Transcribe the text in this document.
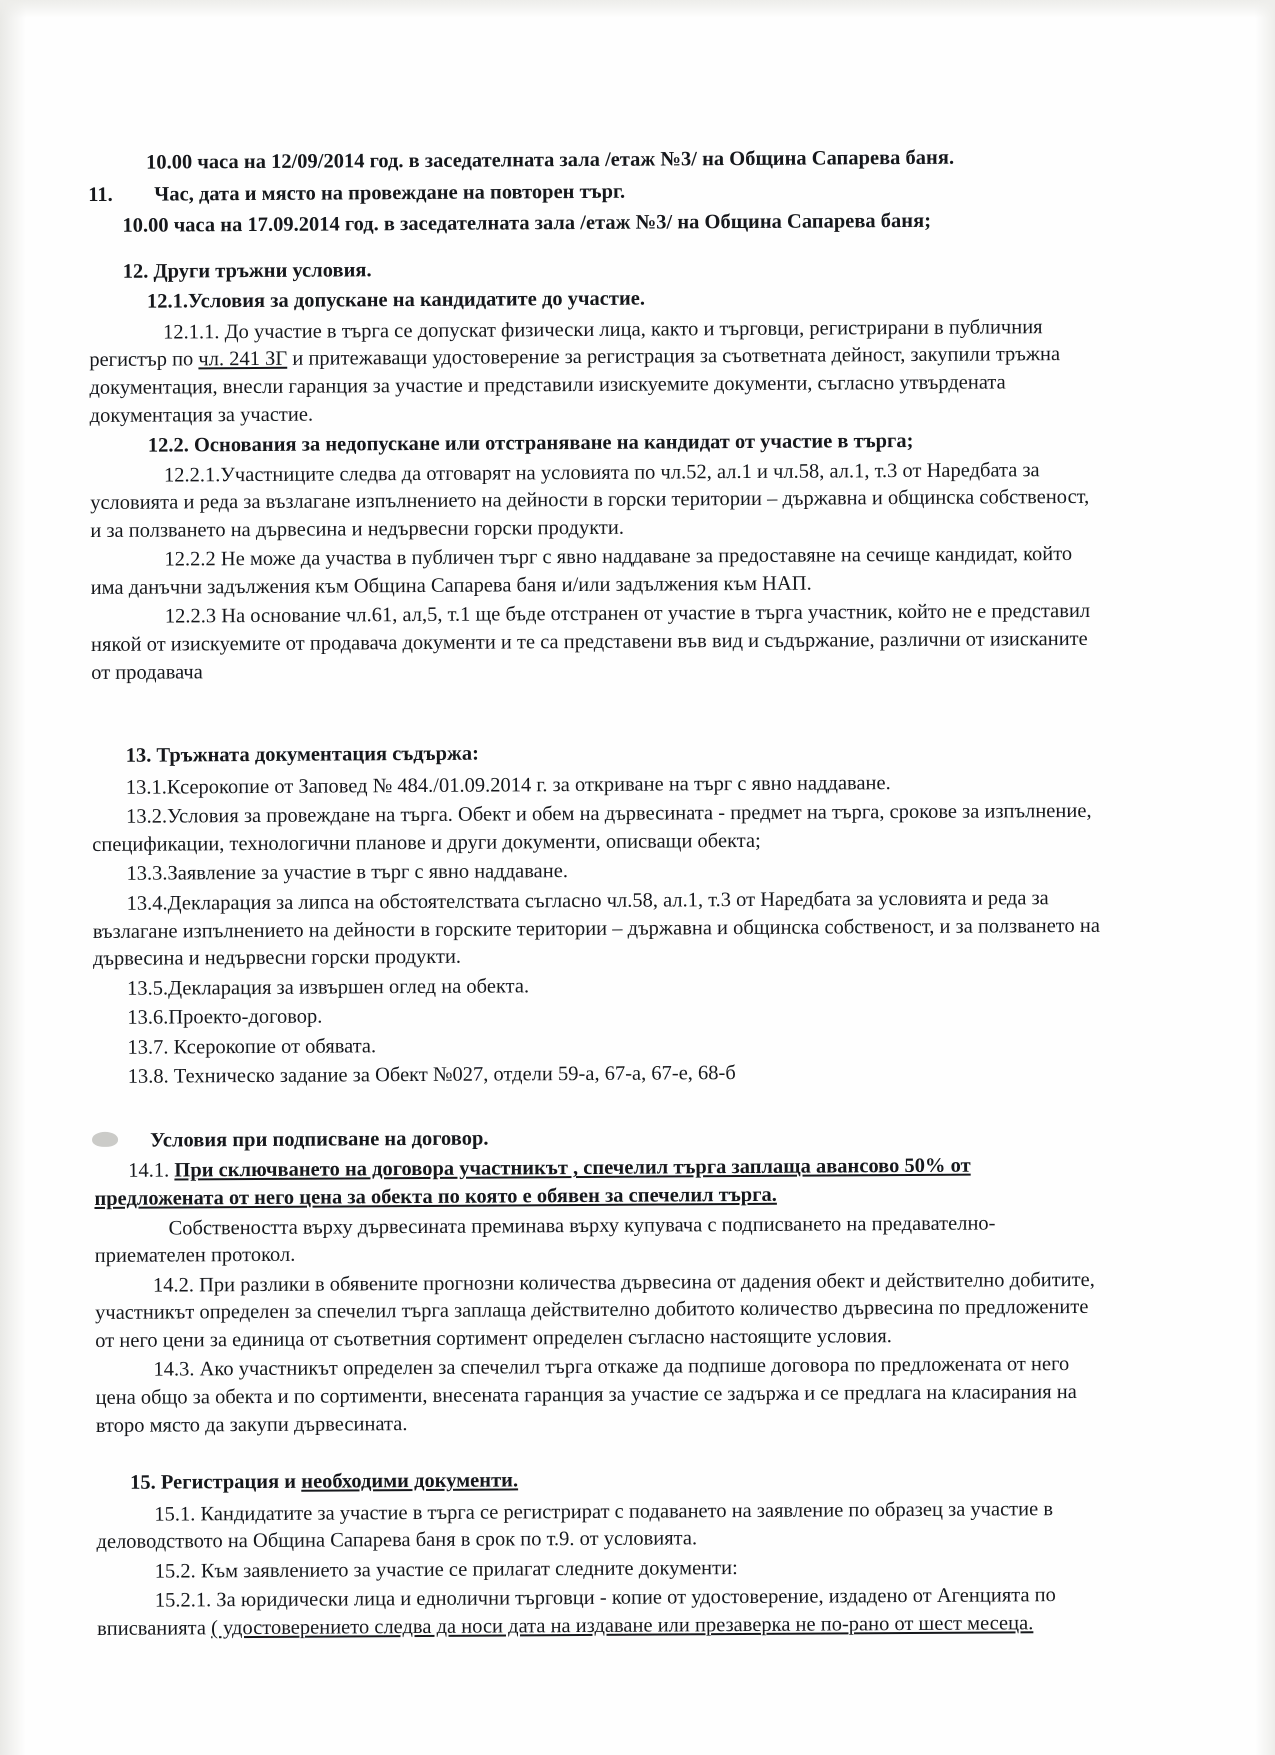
10.00 часа на 12/09/2014 год. в заседателната зала /етаж №3/ на Община Сапарева баня.

11. Час, дата и място на провеждане на повторен търг.

10.00 часа на 17.09.2014 год. в заседателната зала /етаж №3/ на Община Сапарева баня;

12. Други тръжни условия.

12.1.Условия за допускане на кандидатите до участие.

12.1.1. До участие в търга се допускат физически лица, както и търговци, регистрирани в публичния регистър по чл. 241 ЗГ и притежаващи удостоверение за регистрация за съответната дейност, закупили тръжна документация, внесли гаранция за участие и представили изискуемите документи, съгласно утвърдената документация за участие.

12.2. Основания за недопускане или отстраняване на кандидат от участие в търга;

12.2.1.Участниците следва да отговарят на условията по чл.52, ал.1 и чл.58, ал.1, т.3 от Наредбата за условията и реда за възлагане изпълнението на дейности в горски територии – държавна и общинска собственост, и за ползването на дървесина и недървесни горски продукти.

12.2.2 Не може да участва в публичен търг с явно наддаване за предоставяне на сечище кандидат, който има данъчни задължения към Община Сапарева баня и/или задължения към НАП.

12.2.3 На основание чл.61, ал,5, т.1 ще бъде отстранен от участие в търга участник, който не е представил някой от изискуемите от продавача документи и те са представени във вид и съдържание, различни от изисканите от продавача

13. Тръжната документация съдържа:

13.1.Ксерокопие от Заповед № 484./01.09.2014 г. за откриване на търг с явно наддаване.

13.2.Условия за провеждане на търга. Обект и обем на дървесината - предмет на търга, срокове за изпълнение, спецификации, технологични планове и други документи, описващи обекта;

13.3.Заявление за участие в търг с явно наддаване.

13.4.Декларация за липса на обстоятелствата съгласно чл.58, ал.1, т.3 от Наредбата за условията и реда за възлагане изпълнението на дейности в горските територии – държавна и общинска собственост, и за ползването на дървесина и недървесни горски продукти.

13.5.Декларация за извършен оглед на обекта.

13.6.Проекто-договор.

13.7. Ксерокопие от обявата.

13.8. Техническо задание за Обект №027, отдели 59-а, 67-а, 67-е, 68-б

Условия при подписване на договор.

14.1. При сключването на договора участникът , спечелил търга заплаща авансово 50% от предложената от него цена за обекта по която е обявен за спечелил търга.

Собствеността върху дървесината преминава върху купувача с подписването на предавателно-приемателен протокол.

14.2. При разлики в обявените прогнозни количества дървесина от дадения обект и действително добитите, участникът определен за спечелил търга заплаща действително добитото количество дървесина по предложените от него цени за единица от съответния сортимент определен съгласно настоящите условия.

14.3. Ако участникът определен за спечелил търга откаже да подпише договора по предложената от него цена общо за обекта и по сортименти, внесената гаранция за участие се задържа и се предлага на класирания на второ място да закупи дървесината.

15. Регистрация и необходими документи.

15.1. Кандидатите за участие в търга се регистрират с подаването на заявление по образец за участие в деловодството на Община Сапарева баня в срок по т.9. от условията.

15.2. Към заявлението за участие се прилагат следните документи:

15.2.1. За юридически лица и еднолични търговци - копие от удостоверение, издадено от Агенцията по вписванията ( удостоверението следва да носи дата на издаване или презаверка не по-рано от шест месеца.
